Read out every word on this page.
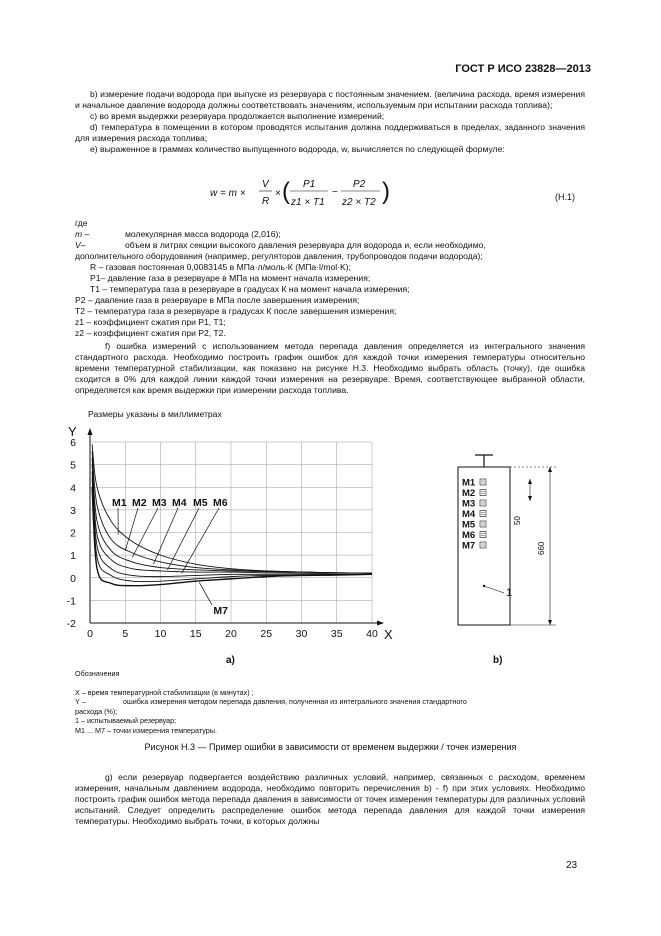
ГОСТ Р ИСО 23828—2013

b) измерение подачи водорода при выпуске из резервуара с постоянным значением. (величина расхода, время измерения и начальное давление водорода должны соответствовать значениям, используемым при испытании расхода топлива);

c) во время выдержки резервуара продолжается выполнение измерений;

d) температура в помещении в котором проводятся испытания должна поддерживаться в пределах, заданного значения для измерения расхода топлива;

e) выраженное в граммах количество выпущенного водорода, w, вычисляется по следующей формуле:

w = m ×
V
R
× ( P1
z1 × T1
−
P2
z2 × T2 )	(H.1)
где
m –	молекулярная масса водорода (2,016);
V–	объем в литрах секции высокого давления резервуара для водорода и, если необходимо,
дополнительного оборудования (например, регуляторов давления, трубопроводов подачи водорода);
R – газовая постоянная 0,0083145 в МПа·л/моль·К (МПа·l/mol·K);
P1– давление газа в резервуаре в МПа на момент начала измерения;
T1 – температура газа в резервуаре в градусах К на момент начала измерения;
P2 – давление газа в резервуаре в МПа после завершения измерения;
T2 – температура газа в резервуаре в градусах К после завершения измерения;
z1 – коэффициент сжатия при P1, T1;
z2 – коэффициент сжатия при P2, T2.

f) ошибка измерений с использованием метода перепада давления определяется из интегрального значения стандартного расхода. Необходимо построить график ошибок для каждой точки измерения температуры относительно времени температурной стабилизации, как показано на рисунке H.3. Необходимо выбрать область (точку), где ошибка сходится в 0% для каждой линии каждой точки измерения на резервуаре. Время, соответствующее выбранной области, определяется как время выдержки при измерении расхода топлива.

Размеры указаны в миллиметрах
0	5	10 15 20 25 30 35 40
6
5
4
3
2
1
0
-1
-2
M1 M2 M3 M4 M5 M6
M7
X
Y
M1
M2
M3
M4
M5
M6
M7
50
660
1
a)	b)
Обозначения
X – время температурной стабилизации (в минутах) ;
Y –	ошибка измерения методом перепада давления, полученная из интегрального значения стандартного
расхода (%);
1 – испытываемый резервуар;
M1 ... M7 – точки измерения температуры.
Рисунок H.3 — Пример ошибки в зависимости от временем выдержки / точек измерения

g) если резервуар подвергается воздействию различных условий, например, связанных с расходом, временем измерения, начальным давлением водорода, необходимо повторить перечисления b) - f) при этих условиях. Необходимо построить график ошибок метода перепада давления в зависимости от точек измерения температуры для различных условий испытаний. Следует определить распределение ошибок метода перепада давления для каждой точки измерения температуры. Необходимо выбрать точки, в которых должны

23
